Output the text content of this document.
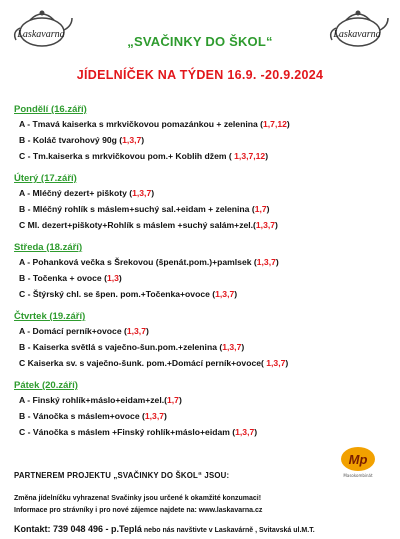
Laskavarna	Laskavarna
„SVAČINKY DO ŠKOL“
JÍDELNÍČEK NA TÝDEN 16.9. -20.9.2024
Pondělí (16.září)
A - Tmavá kaiserka s mrkvičkovou pomazánkou + zelenina (1,7,12)
B - Koláč tvarohový 90g (1,3,7)
C - Tm.kaiserka s mrkvičkovou pom.+ Koblih džem ( 1,3,7,12)
Úterý (17.září)
A - Mléčný dezert+ piškoty (1,3,7)
B - Mléčný rohlík s máslem+suchý sal.+eidam + zelenina (1,7)
C Ml. dezert+piškoty+Rohlík s máslem +suchý salám+zel.(1,3,7)
Středa (18.září)
A - Pohanková večka s Šrekovou (špenát.pom.)+pamlsek (1,3,7)
B - Točenka + ovoce (1,3)
C - Štýrský chl. se špen. pom.+Točenka+ovoce (1,3,7)
Čtvrtek (19.září)
A - Domácí perník+ovoce (1,3,7)
B - Kaiserka světlá s vaječno-šun.pom.+zelenina (1,3,7)
C Kaiserka sv. s vaječno-šunk. pom.+Domácí perník+ovoce( 1,3,7)
Pátek (20.září)
A - Finský rohlík+máslo+eidam+zel.(1,7)
B - Vánočka s máslem+ovoce (1,3,7)
C - Vánočka s máslem +Finský rohlík+máslo+eidam (1,3,7)
PARTNEREM PROJEKTU „SVAČINKY DO ŠKOL“ JSOU:
Mp
Masokombinát
Změna jídelníčku vyhrazena! Svačinky jsou určené k okamžité konzumaci!
Informace pro strávníky i pro nové zájemce najdete na: www.laskavarna.cz
Kontakt: 739 048 496 - p.Teplá nebo nás navštivte v Laskavárně , Svitavská ul.M.T.
